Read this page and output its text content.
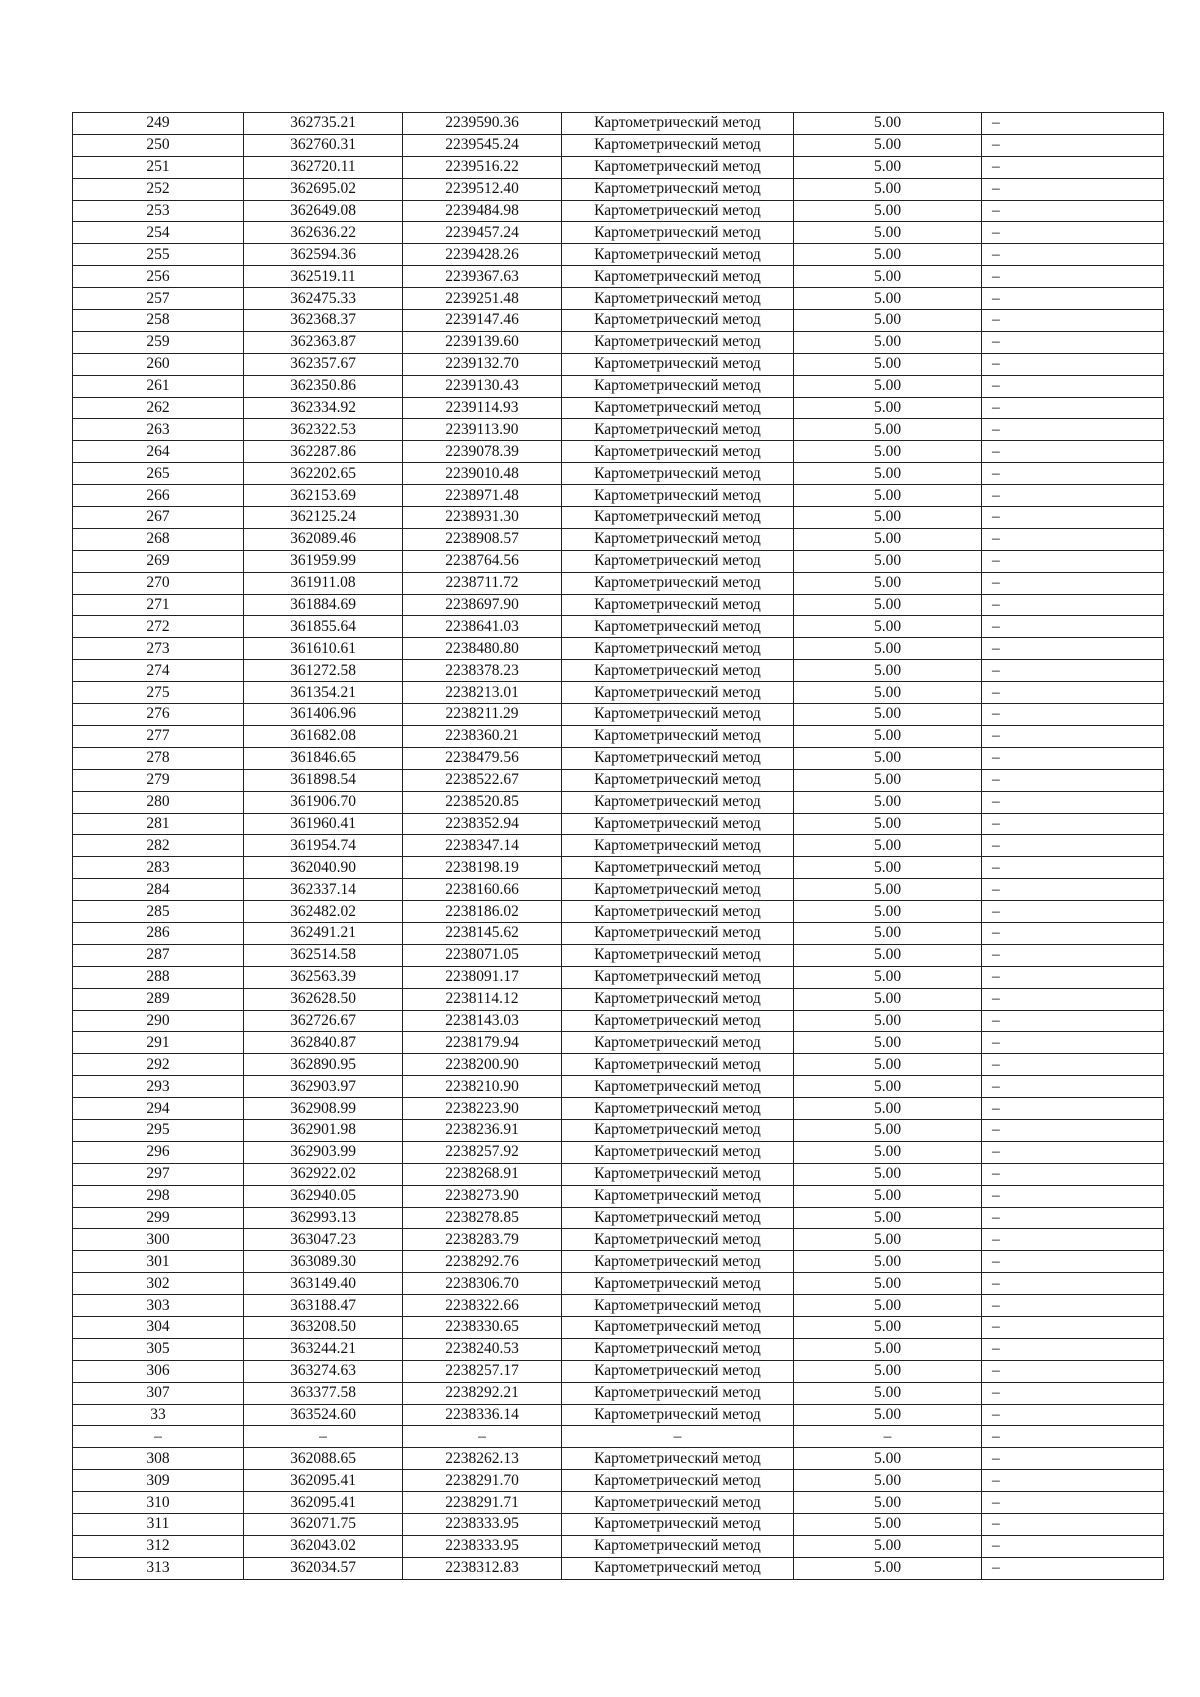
249	362735.21	2239590.36	Картометрический метод	5.00	–
250	362760.31	2239545.24	Картометрический метод	5.00	–
251	362720.11	2239516.22	Картометрический метод	5.00	–
252	362695.02	2239512.40	Картометрический метод	5.00	–
253	362649.08	2239484.98	Картометрический метод	5.00	–
254	362636.22	2239457.24	Картометрический метод	5.00	–
255	362594.36	2239428.26	Картометрический метод	5.00	–
256	362519.11	2239367.63	Картометрический метод	5.00	–
257	362475.33	2239251.48	Картометрический метод	5.00	–
258	362368.37	2239147.46	Картометрический метод	5.00	–
259	362363.87	2239139.60	Картометрический метод	5.00	–
260	362357.67	2239132.70	Картометрический метод	5.00	–
261	362350.86	2239130.43	Картометрический метод	5.00	–
262	362334.92	2239114.93	Картометрический метод	5.00	–
263	362322.53	2239113.90	Картометрический метод	5.00	–
264	362287.86	2239078.39	Картометрический метод	5.00	–
265	362202.65	2239010.48	Картометрический метод	5.00	–
266	362153.69	2238971.48	Картометрический метод	5.00	–
267	362125.24	2238931.30	Картометрический метод	5.00	–
268	362089.46	2238908.57	Картометрический метод	5.00	–
269	361959.99	2238764.56	Картометрический метод	5.00	–
270	361911.08	2238711.72	Картометрический метод	5.00	–
271	361884.69	2238697.90	Картометрический метод	5.00	–
272	361855.64	2238641.03	Картометрический метод	5.00	–
273	361610.61	2238480.80	Картометрический метод	5.00	–
274	361272.58	2238378.23	Картометрический метод	5.00	–
275	361354.21	2238213.01	Картометрический метод	5.00	–
276	361406.96	2238211.29	Картометрический метод	5.00	–
277	361682.08	2238360.21	Картометрический метод	5.00	–
278	361846.65	2238479.56	Картометрический метод	5.00	–
279	361898.54	2238522.67	Картометрический метод	5.00	–
280	361906.70	2238520.85	Картометрический метод	5.00	–
281	361960.41	2238352.94	Картометрический метод	5.00	–
282	361954.74	2238347.14	Картометрический метод	5.00	–
283	362040.90	2238198.19	Картометрический метод	5.00	–
284	362337.14	2238160.66	Картометрический метод	5.00	–
285	362482.02	2238186.02	Картометрический метод	5.00	–
286	362491.21	2238145.62	Картометрический метод	5.00	–
287	362514.58	2238071.05	Картометрический метод	5.00	–
288	362563.39	2238091.17	Картометрический метод	5.00	–
289	362628.50	2238114.12	Картометрический метод	5.00	–
290	362726.67	2238143.03	Картометрический метод	5.00	–
291	362840.87	2238179.94	Картометрический метод	5.00	–
292	362890.95	2238200.90	Картометрический метод	5.00	–
293	362903.97	2238210.90	Картометрический метод	5.00	–
294	362908.99	2238223.90	Картометрический метод	5.00	–
295	362901.98	2238236.91	Картометрический метод	5.00	–
296	362903.99	2238257.92	Картометрический метод	5.00	–
297	362922.02	2238268.91	Картометрический метод	5.00	–
298	362940.05	2238273.90	Картометрический метод	5.00	–
299	362993.13	2238278.85	Картометрический метод	5.00	–
300	363047.23	2238283.79	Картометрический метод	5.00	–
301	363089.30	2238292.76	Картометрический метод	5.00	–
302	363149.40	2238306.70	Картометрический метод	5.00	–
303	363188.47	2238322.66	Картометрический метод	5.00	–
304	363208.50	2238330.65	Картометрический метод	5.00	–
305	363244.21	2238240.53	Картометрический метод	5.00	–
306	363274.63	2238257.17	Картометрический метод	5.00	–
307	363377.58	2238292.21	Картометрический метод	5.00	–
33	363524.60	2238336.14	Картометрический метод	5.00	–
–	–	–	–	–	–
308	362088.65	2238262.13	Картометрический метод	5.00	–
309	362095.41	2238291.70	Картометрический метод	5.00	–
310	362095.41	2238291.71	Картометрический метод	5.00	–
311	362071.75	2238333.95	Картометрический метод	5.00	–
312	362043.02	2238333.95	Картометрический метод	5.00	–
313	362034.57	2238312.83	Картометрический метод	5.00	–
